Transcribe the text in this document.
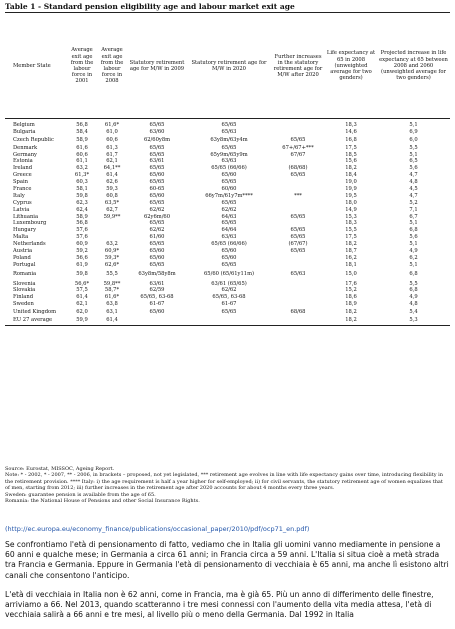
Table 1 - Standard pension eligibility age and labour market exit age
Member State	Average exit age from the labour force in 2001	Average exit age from the labour force in 2008	Statutory retirement age for M/W in 2009	Statutory retirement age for M/W in 2020	Further increases in the statutory retirement age for M/W after 2020	Life expectancy at 65 in 2008 (unweighted average for two genders)	Projected increase in life expectancy at 65 between 2008 and 2060 (unweighted average for two genders)
Belgium	56,8	61,6*	65/65	65/65		18,3	5,1
Bulgaria	58,4	61,0	63/60	65/63		14,6	6,9
Czech Republic	58,9	60,6	62/60y8m	63y8m/63y4m	65/65	16,8	6,0
Denmark	61,6	61,3	65/65	65/65	67+/67+***	17,5	5,5
Germany	60,6	61,7	65/65	65y9m/65y9m	67/67	18,5	5,1
Estonia	61,1	62,1	63/61	63/63		15,6	6,5
Ireland	63,2	64,1**	65/65	65/65 (66/66)	(68/68)	18,2	5,6
Greece	61,3*	61,4	65/60	65/60	65/65	18,4	4,7
Spain	60,3	62,6	65/65	65/65		19,0	4,8
France	58,1	59,3	60-65	60/60		19,9	4,5
Italy	59,8	60,8	65/60	66y7m/61y7m****	***	19,5	4,7
Cyprus	62,3	63,5*	65/65	65/65		18,0	5,2
Latvia	62,4	62,7	62/62	62/62		14,9	7,1
Lithuania	58,9	59,9**	62y6m/60	64/63	65/65	15,3	6,7
Luxembourg	56,8		65/65	65/65		18,3	5,1
Hungary	57,6		62/62	64/64	65/65	15,5	6,8
Malta	57,6		61/60	63/63	65/65	17,5	5,6
Netherlands	60,9	63,2	65/65	65/65 (66/66)	(67/67)	18,2	5,1
Austria	59,2	60,9*	65/60	65/60	65/65	18,7	4,9
Poland	56,6	59,3*	65/60	65/60		16,2	6,2
Portugal	61,9	62,6*	65/65	65/65		18,1	5,1

Romania	59,8	55,5	63y8m/58y8m	65/60 (65/61y11m)	65/63	15,0	6,8

Slovenia	56,6*	59,8**	63/61	63/61 (65/65)		17,6	5,5
Slovakia	57,5	58,7*	62/59	62/62		15,2	6,8
Finland	61,4	61,6*	65/65, 63-68	65/65, 63-68		18,6	4,9
Sweden	62,1	63,8	61-67	61-67		18,9	4,8
United Kingdom	62,0	63,1	65/60	65/65	68/68	18,2	5,4
EU 27 average	59,9	61,4				18,2	5,3
Source: Eurostat, MISSOC, Ageing Report.
Note: * - 2002, * - 2007, ** - 2006, in brackets – proposed, not yet legislated, *** retirement age evolves in line with life expectancy gains over time, introducing flexibility in the retirement provision. **** Italy: i) the age requirement is half a year higher for self-employed; ii) for civil servants, the statutory retirement age of women equalizes that of men, starting from 2012; iii) further increases in the retirement age after 2020 accounts for about 4 months every three years.
Sweden: guarantee pension is available from the age of 65.
Romania: the National House of Pensions and other Social Insurance Rights.
(http://ec.europa.eu/economy_finance/publications/occasional_paper/2010/pdf/ocp71_en.pdf)

Se confrontiamo l'età di pensionamento di fatto, vediamo che in Italia gli uomini vanno mediamente in pensione a 60 anni e qualche mese; in Germania a circa 61 anni; in Francia circa a 59 anni. L'Italia si situa cioè a metà strada tra Francia e Germania. Eppure in Germania l'età di pensionamento di vecchiaia è 65 anni, ma anche lì esistono altri canali che consentono l'anticipo.

L'età di vecchiaia in Italia non è 62 anni, come in Francia, ma è già 65. Più un anno di differimento delle finestre, arriviamo a 66. Nel 2013, quando scatteranno i tre mesi connessi con l'aumento della vita media attesa, l'età di vecchiaia salirà a 66 anni e tre mesi, al livello più o meno della Germania. Dal 1992 in Italia
